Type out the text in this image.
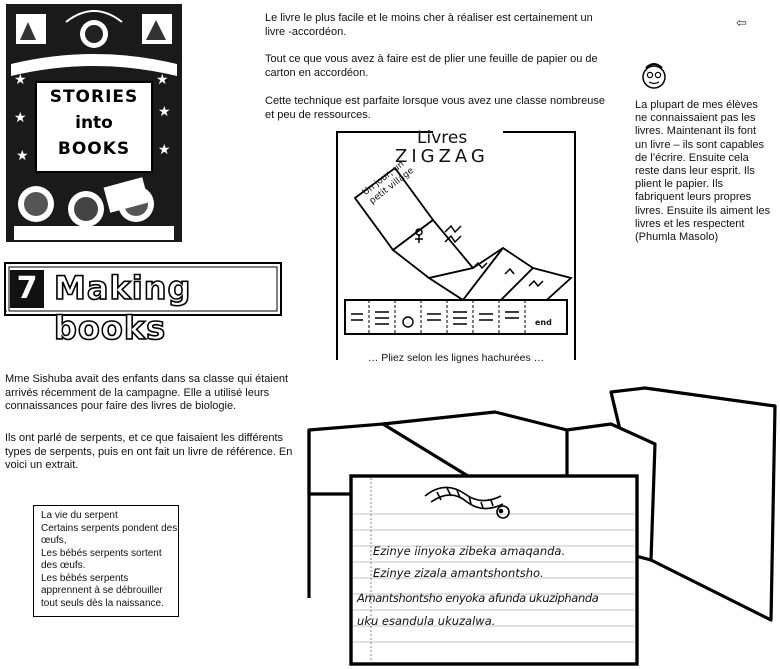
★	★
★	★
★	★
STORIES
into
BOOKS
7 Making books

Le livre le plus facile et le moins cher à réaliser est certainement un livre -accordéon.

Tout ce que vous avez à faire est de plier une feuille de papier ou de carton en accordéon.

Cette technique est parfaite lorsque vous avez une classe nombreuse et peu de ressources.

⇦

La plupart de mes élèves ne connaissaient pas les livres. Maintenant ils font un livre – ils sont capables de l’écrire. Ensuite cela reste dans leur esprit. Ils plient le papier. Ils fabriquent leurs propres livres. Ensuite ils aiment les livres et les respectent (Phumla Masolo)

Livres
ZIGZAG
Un jour, un petit village
end
… Pliez selon les lignes hachurées …

Mme Sishuba avait des enfants dans sa classe qui étaient arrivés récemment de la campagne. Elle a utilisé leurs connaissances pour faire des livres de biologie.

Ils ont parlé de serpents, et ce que faisaient les différents types de serpents, puis en ont fait un livre de référence. En voici un extrait.

La vie du serpent
Certains serpents pondent des œufs,
Les bébés serpents sortent des œufs.
Les bébés serpents apprennent à se débrouiller tout seuls dès la naissance.
Ezinye iinyoka zibeka amaqanda.
Ezinye zizala amantshontsho.
Amantshontsho enyoka afunda ukuziphanda
uku esandula ukuzalwa.
